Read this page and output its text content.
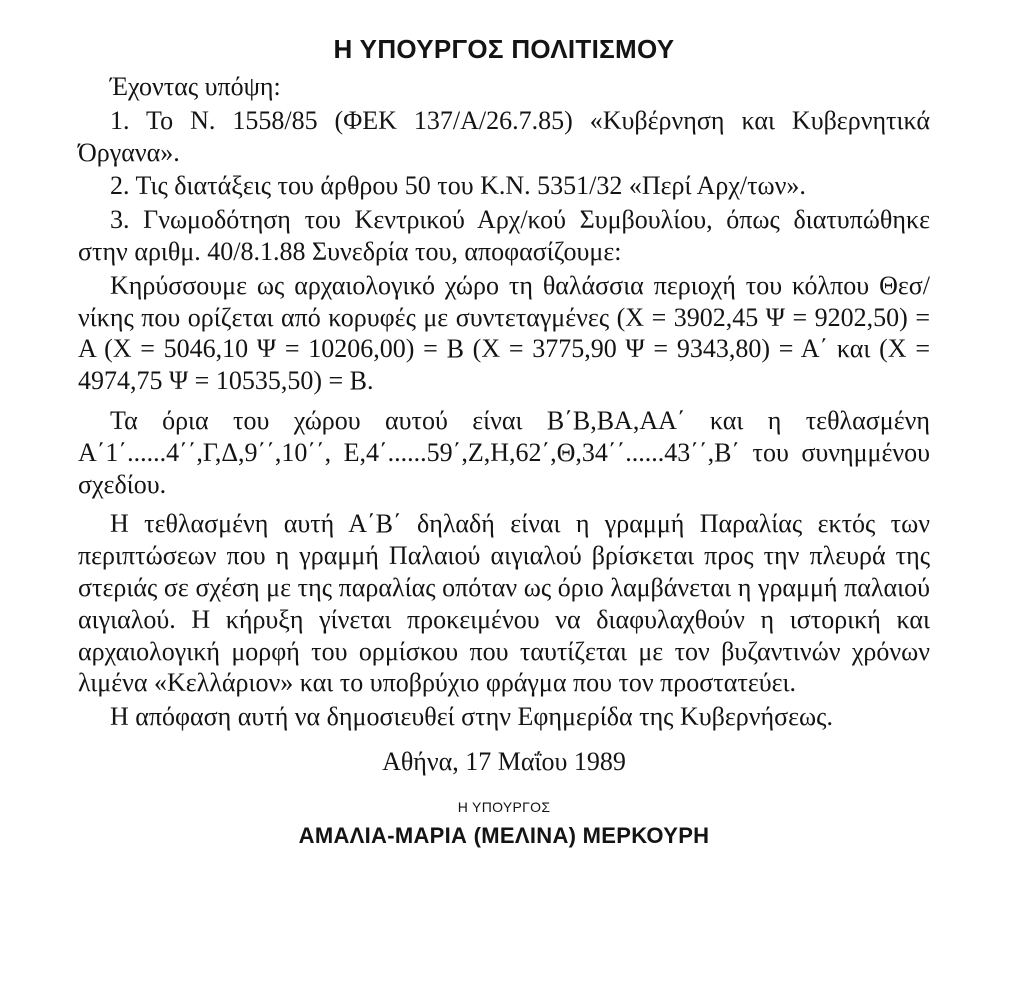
Η ΥΠΟΥΡΓΟΣ ΠΟΛΙΤΙΣΜΟΥ
Έχοντας υπόψη:
1. Το Ν. 1558/85 (ΦΕΚ 137/Α/26.7.85) «Κυβέρνηση και Κυβερνητικά Όργανα».
2. Τις διατάξεις του άρθρου 50 του Κ.Ν. 5351/32 «Περί Αρχ/των».
3. Γνωμοδότηση του Κεντρικού Αρχ/κού Συμβουλίου, όπως διατυπώθηκε στην αριθμ. 40/8.1.88 Συνεδρία του, αποφασίζουμε:
Κηρύσσουμε ως αρχαιολογικό χώρο τη θαλάσσια περιοχή του κόλπου Θεσ/νίκης που ορίζεται από κορυφές με συντεταγμένες (Χ = 3902,45 Ψ = 9202,50) = Α (Χ = 5046,10 Ψ = 10206,00) = Β (Χ = 3775,90 Ψ = 9343,80) = Α΄ και (Χ = 4974,75 Ψ = 10535,50) = Β.
Τα όρια του χώρου αυτού είναι Β΄Β,ΒΑ,ΑΑ΄ και η τεθλασμένη Α΄1΄......4΄΄,Γ,Δ,9΄΄,10΄΄, Ε,4΄......59΄,Ζ,Η,62΄,Θ,34΄΄......43΄΄,Β΄ του συνημμένου σχεδίου.
Η τεθλασμένη αυτή Α΄Β΄ δηλαδή είναι η γραμμή Παραλίας εκτός των περιπτώσεων που η γραμμή Παλαιού αιγιαλού βρίσκεται προς την πλευρά της στεριάς σε σχέση με της παραλίας οπόταν ως όριο λαμβάνεται η γραμμή παλαιού αιγιαλού. Η κήρυξη γίνεται προκειμένου να διαφυλαχθούν η ιστορική και αρχαιολογική μορφή του ορμίσκου που ταυτίζεται με τον βυζαντινών χρόνων λιμένα «Κελλάριον» και το υποβρύχιο φράγμα που τον προστατεύει.
Η απόφαση αυτή να δημοσιευθεί στην Εφημερίδα της Κυβερνήσεως.
Αθήνα, 17 Μαΐου 1989
Η ΥΠΟΥΡΓΟΣ
ΑΜΑΛΙΑ-ΜΑΡΙΑ (ΜΕΛΙΝΑ) ΜΕΡΚΟΥΡΗ
